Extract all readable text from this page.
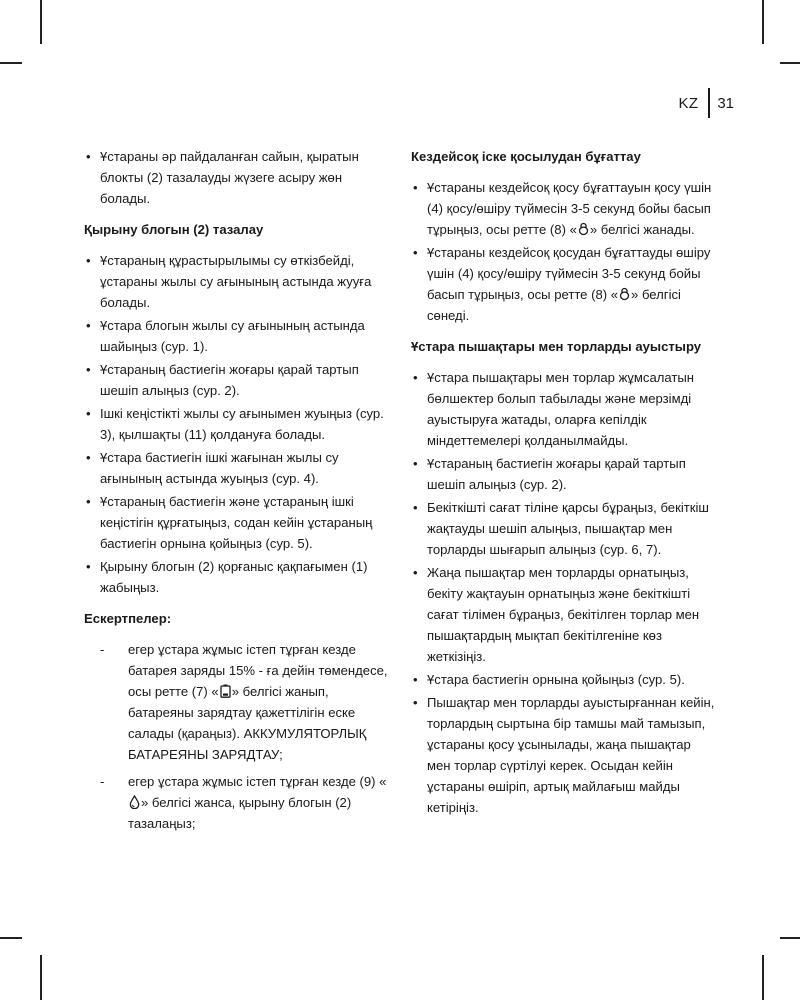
KZ 31
• Ұстараны әр пайдаланған сайын, қыратын блокты (2) тазалауды жүзеге асыру жөн болады.
Қырыну блогын (2) тазалау
• Ұстараның құрастырылымы су өткізбейді, ұстараны жылы су ағынының астында жууға болады.
• Ұстара блогын жылы су ағынының астында шайыңыз (сур. 1).
• Ұстараның бастиегін жоғары қарай тартып шешіп алыңыз (сур. 2).
• Ішкі кеңістікті жылы су ағынымен жуыңыз (сур. 3), қылшақты (11) қолдануға болады.
• Ұстара бастиегін ішкі жағынан жылы су ағынының астында жуыңыз (сур. 4).
• Ұстараның бастиегін және ұстараның ішкі кеңістігін құрғатыңыз, содан кейін ұстараның бастиегін орнына қойыңыз (сур. 5).
• Қырыну блогын (2) қорғаныс қақпағымен (1) жабыңыз.
Ескертпелер:
- егер ұстара жұмыс істеп тұрған кезде батарея заряды 15% - ға дейін төмендесе, осы ретте (7) « » белгісі жанып, батареяны зарядтау қажеттілігін еске салады (қараңыз). АККУМУЛЯТОРЛЫҚ БАТАРЕЯНЫ ЗАРЯДТАУ;
- егер ұстара жұмыс істеп тұрған кезде (9) «
» белгісі жанса, қырыну блогын (2) тазалаңыз;
Кездейсоқ іске қосылудан бұғаттау
• Ұстараны кездейсоқ қосу бұғаттауын қосу үшін (4) қосу/өшіру түймесін 3-5 секунд бойы басып тұрыңыз, осы ретте (8) « » белгісі жанады.
• Ұстараны кездейсоқ қосудан бұғаттауды өшіру үшін (4) қосу/өшіру түймесін 3-5 секунд бойы басып тұрыңыз, осы ретте (8) « » белгісі сөнеді.
Ұстара пышақтары мен торларды ауыстыру
• Ұстара пышақтары мен торлар жұмсалатын бөлшектер болып табылады және мерзімді ауыстыруға жатады, оларға кепілдік міндеттемелері қолданылмайды.
• Ұстараның бастиегін жоғары қарай тартып шешіп алыңыз (сур. 2).
• Бекіткішті сағат тіліне қарсы бұраңыз, бекіткіш жақтауды шешіп алыңыз, пышақтар мен торларды шығарып алыңыз (сур. 6, 7).
• Жаңа пышақтар мен торларды орнатыңыз, бекіту жақтауын орнатыңыз және бекіткішті сағат тілімен бұраңыз, бекітілген торлар мен пышақтардың мықтап бекітілгеніне көз жеткізіңіз.
• Ұстара бастиегін орнына қойыңыз (сур. 5).
• Пышақтар мен торларды ауыстырғаннан кейін, торлардың сыртына бір тамшы май тамызып, ұстараны қосу ұсынылады, жаңа пышақтар мен торлар сүртілуі керек. Осыдан кейін ұстараны өшіріп, артық майлағыш майды кетіріңіз.
